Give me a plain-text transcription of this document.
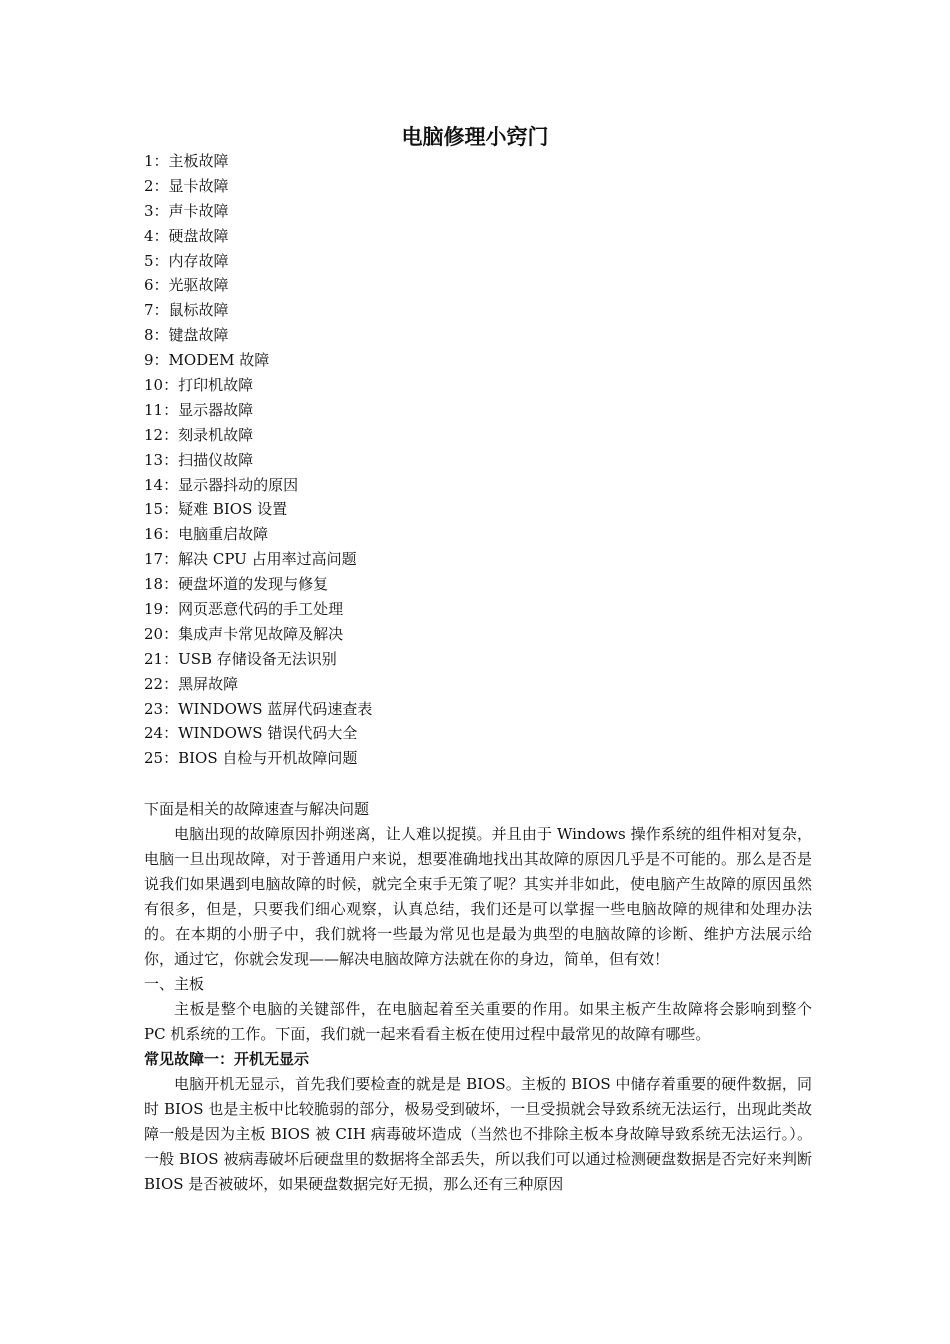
电脑修理小窍门
1：主板故障
2：显卡故障
3：声卡故障
4：硬盘故障
5：内存故障
6：光驱故障
7：鼠标故障
8：键盘故障
9：MODEM 故障
10：打印机故障
11：显示器故障
12：刻录机故障
13：扫描仪故障
14：显示器抖动的原因
15：疑难 BIOS 设置
16：电脑重启故障
17：解决 CPU 占用率过高问题
18：硬盘坏道的发现与修复
19：网页恶意代码的手工处理
20：集成声卡常见故障及解决
21：USB 存储设备无法识别
22：黑屏故障
23：WINDOWS 蓝屏代码速查表
24：WINDOWS 错误代码大全
25：BIOS 自检与开机故障问题

下面是相关的故障速查与解决问题

电脑出现的故障原因扑朔迷离，让人难以捉摸。并且由于 Windows 操作系统的组件相对复杂，电脑一旦出现故障，对于普通用户来说，想要准确地找出其故障的原因几乎是不可能的。那么是否是说我们如果遇到电脑故障的时候，就完全束手无策了呢？其实并非如此，使电脑产生故障的原因虽然有很多，但是，只要我们细心观察，认真总结，我们还是可以掌握一些电脑故障的规律和处理办法的。在本期的小册子中，我们就将一些最为常见也是最为典型的电脑故障的诊断、维护方法展示给你，通过它，你就会发现——解决电脑故障方法就在你的身边，简单，但有效！

一、主板

主板是整个电脑的关键部件，在电脑起着至关重要的作用。如果主板产生故障将会影响到整个 PC 机系统的工作。下面，我们就一起来看看主板在使用过程中最常见的故障有哪些。

常见故障一：开机无显示

电脑开机无显示，首先我们要检查的就是是 BIOS。主板的 BIOS 中储存着重要的硬件数据，同时 BIOS 也是主板中比较脆弱的部分，极易受到破坏，一旦受损就会导致系统无法运行，出现此类故障一般是因为主板 BIOS 被 CIH 病毒破坏造成（当然也不排除主板本身故障导致系统无法运行。）。一般 BIOS 被病毒破坏后硬盘里的数据将全部丢失，所以我们可以通过检测硬盘数据是否完好来判断 BIOS 是否被破坏，如果硬盘数据完好无损，那么还有三种原因
